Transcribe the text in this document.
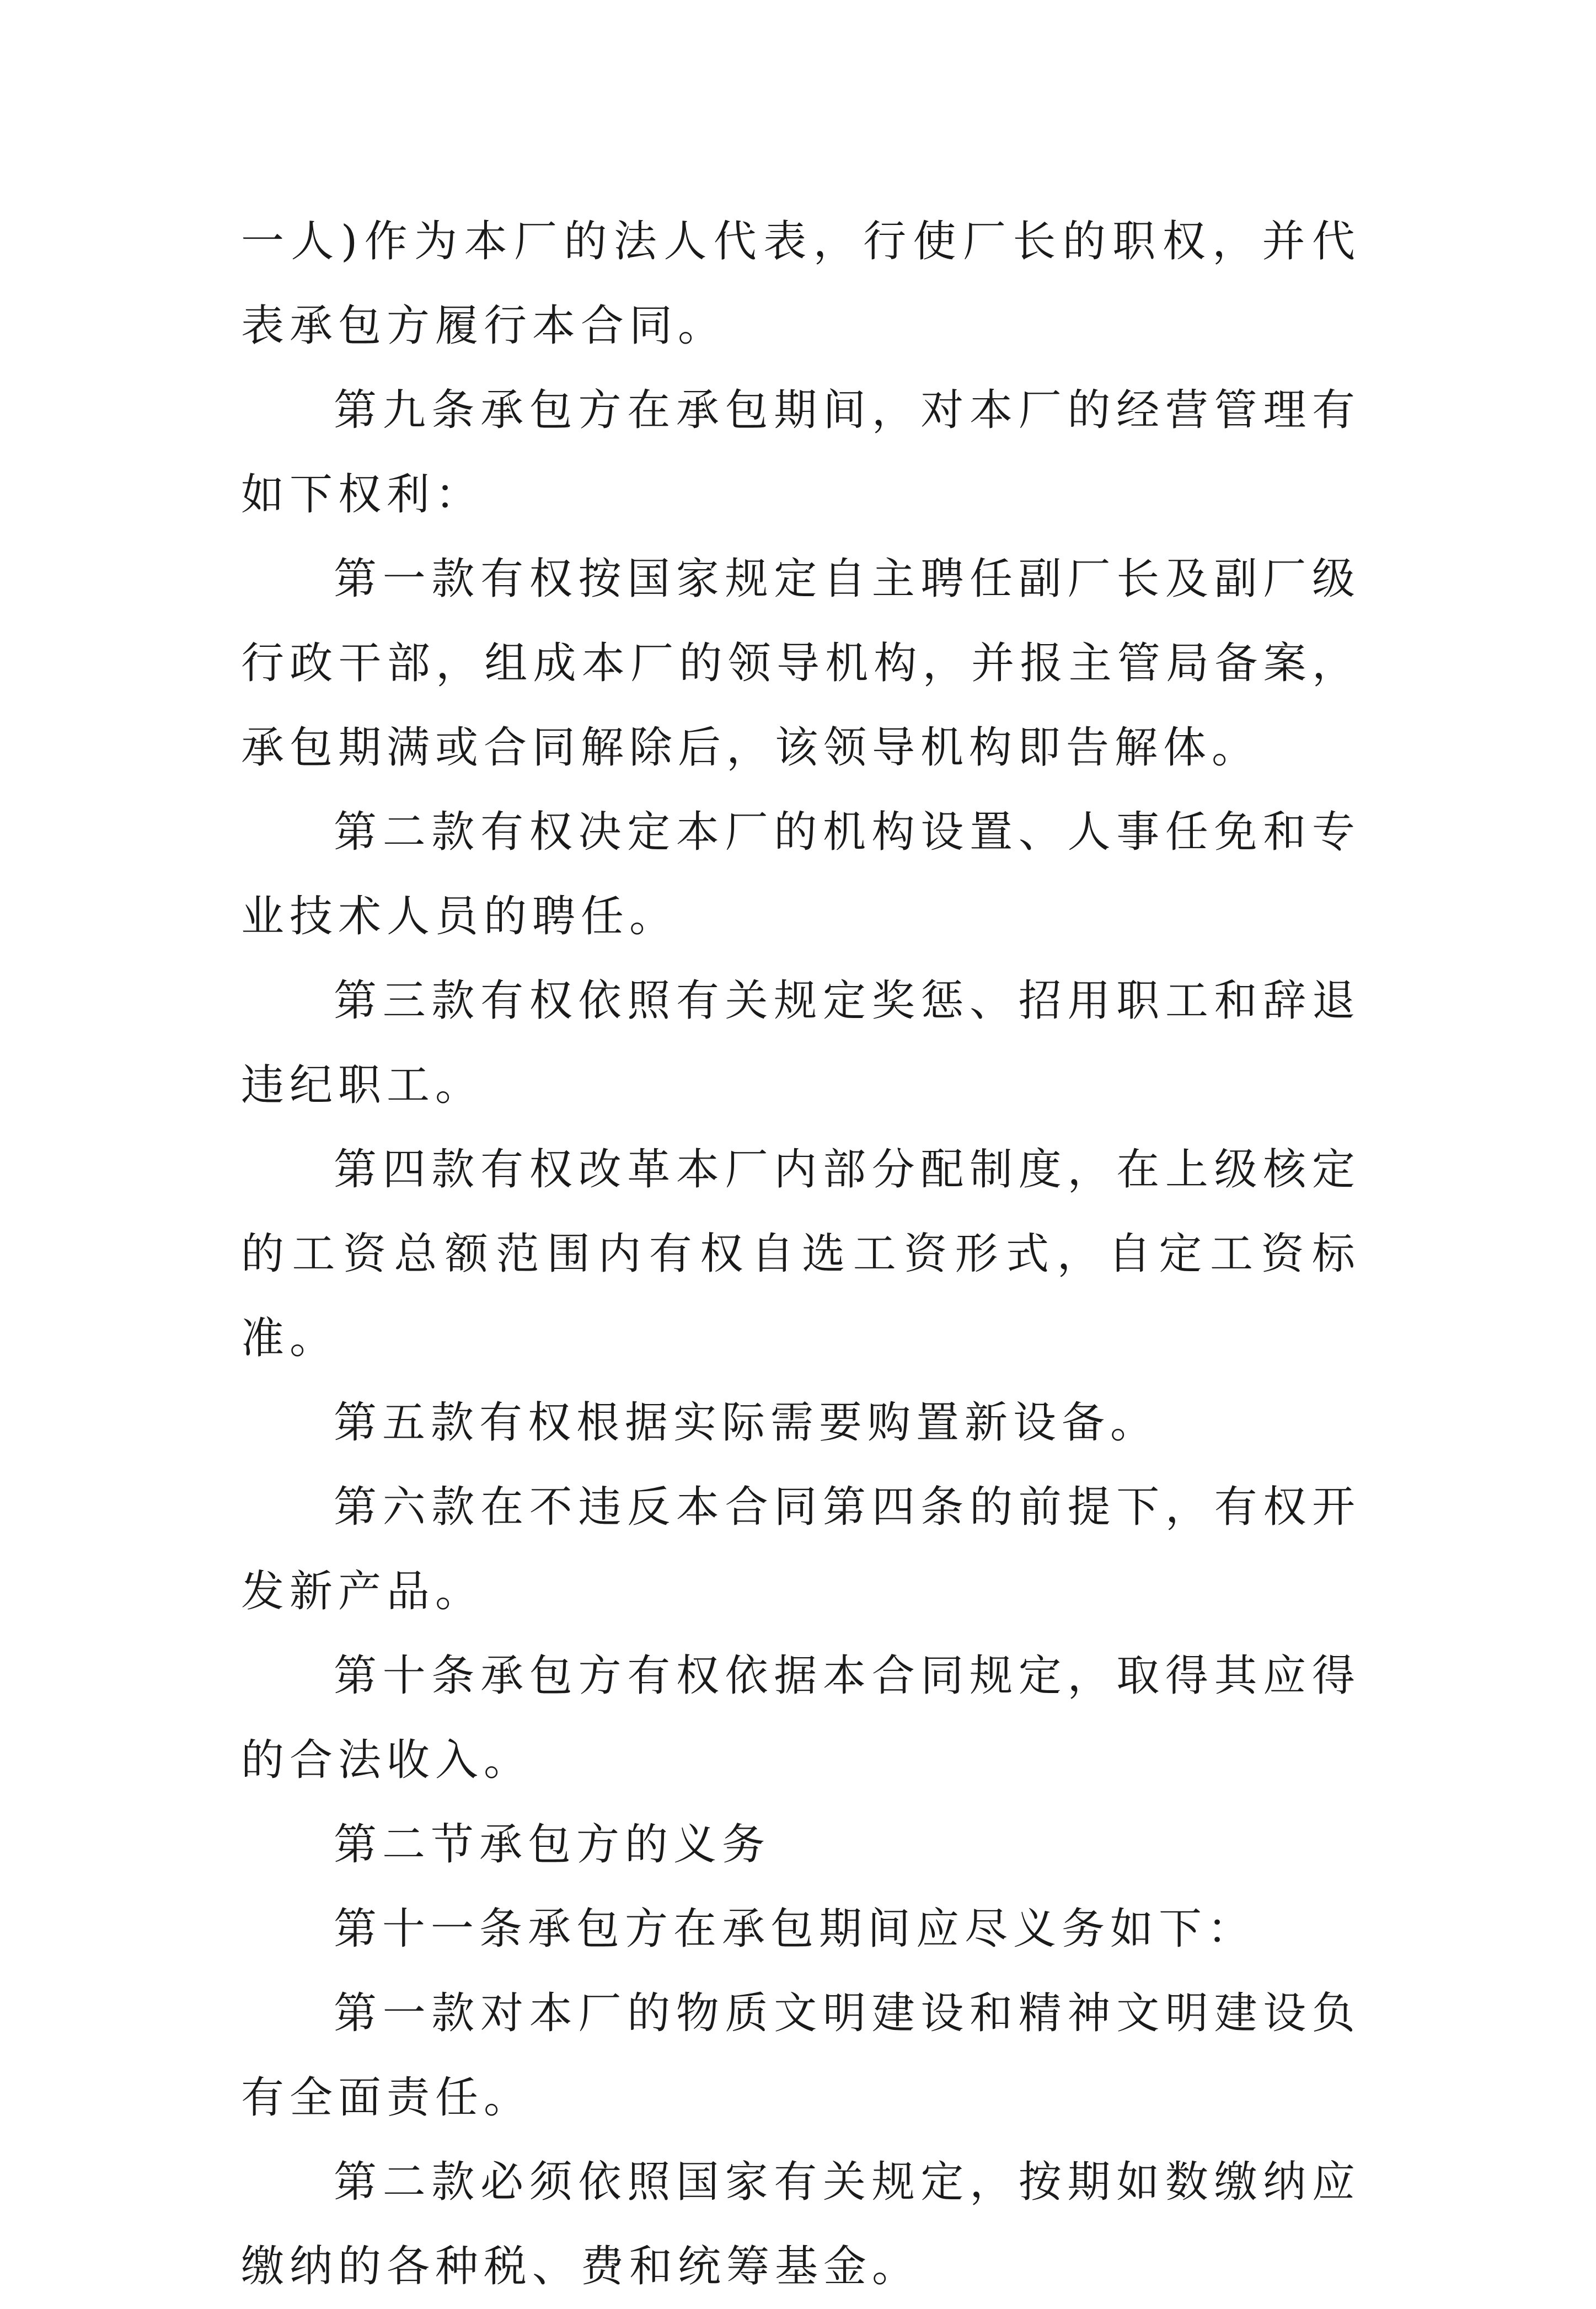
一人)作为本厂的法人代表，行使厂长的职权，并代表承包方履行本合同。

第九条承包方在承包期间，对本厂的经营管理有如下权利：

第一款有权按国家规定自主聘任副厂长及副厂级行政干部，组成本厂的领导机构，并报主管局备案，承包期满或合同解除后，该领导机构即告解体。

第二款有权决定本厂的机构设置、人事任免和专业技术人员的聘任。

第三款有权依照有关规定奖惩、招用职工和辞退违纪职工。

第四款有权改革本厂内部分配制度，在上级核定的工资总额范围内有权自选工资形式，自定工资标准。

第五款有权根据实际需要购置新设备。

第六款在不违反本合同第四条的前提下，有权开发新产品。

第十条承包方有权依据本合同规定，取得其应得的合法收入。

第二节承包方的义务

第十一条承包方在承包期间应尽义务如下：

第一款对本厂的物质文明建设和精神文明建设负有全面责任。

第二款必须依照国家有关规定，按期如数缴纳应缴纳的各种税、费和统筹基金。
